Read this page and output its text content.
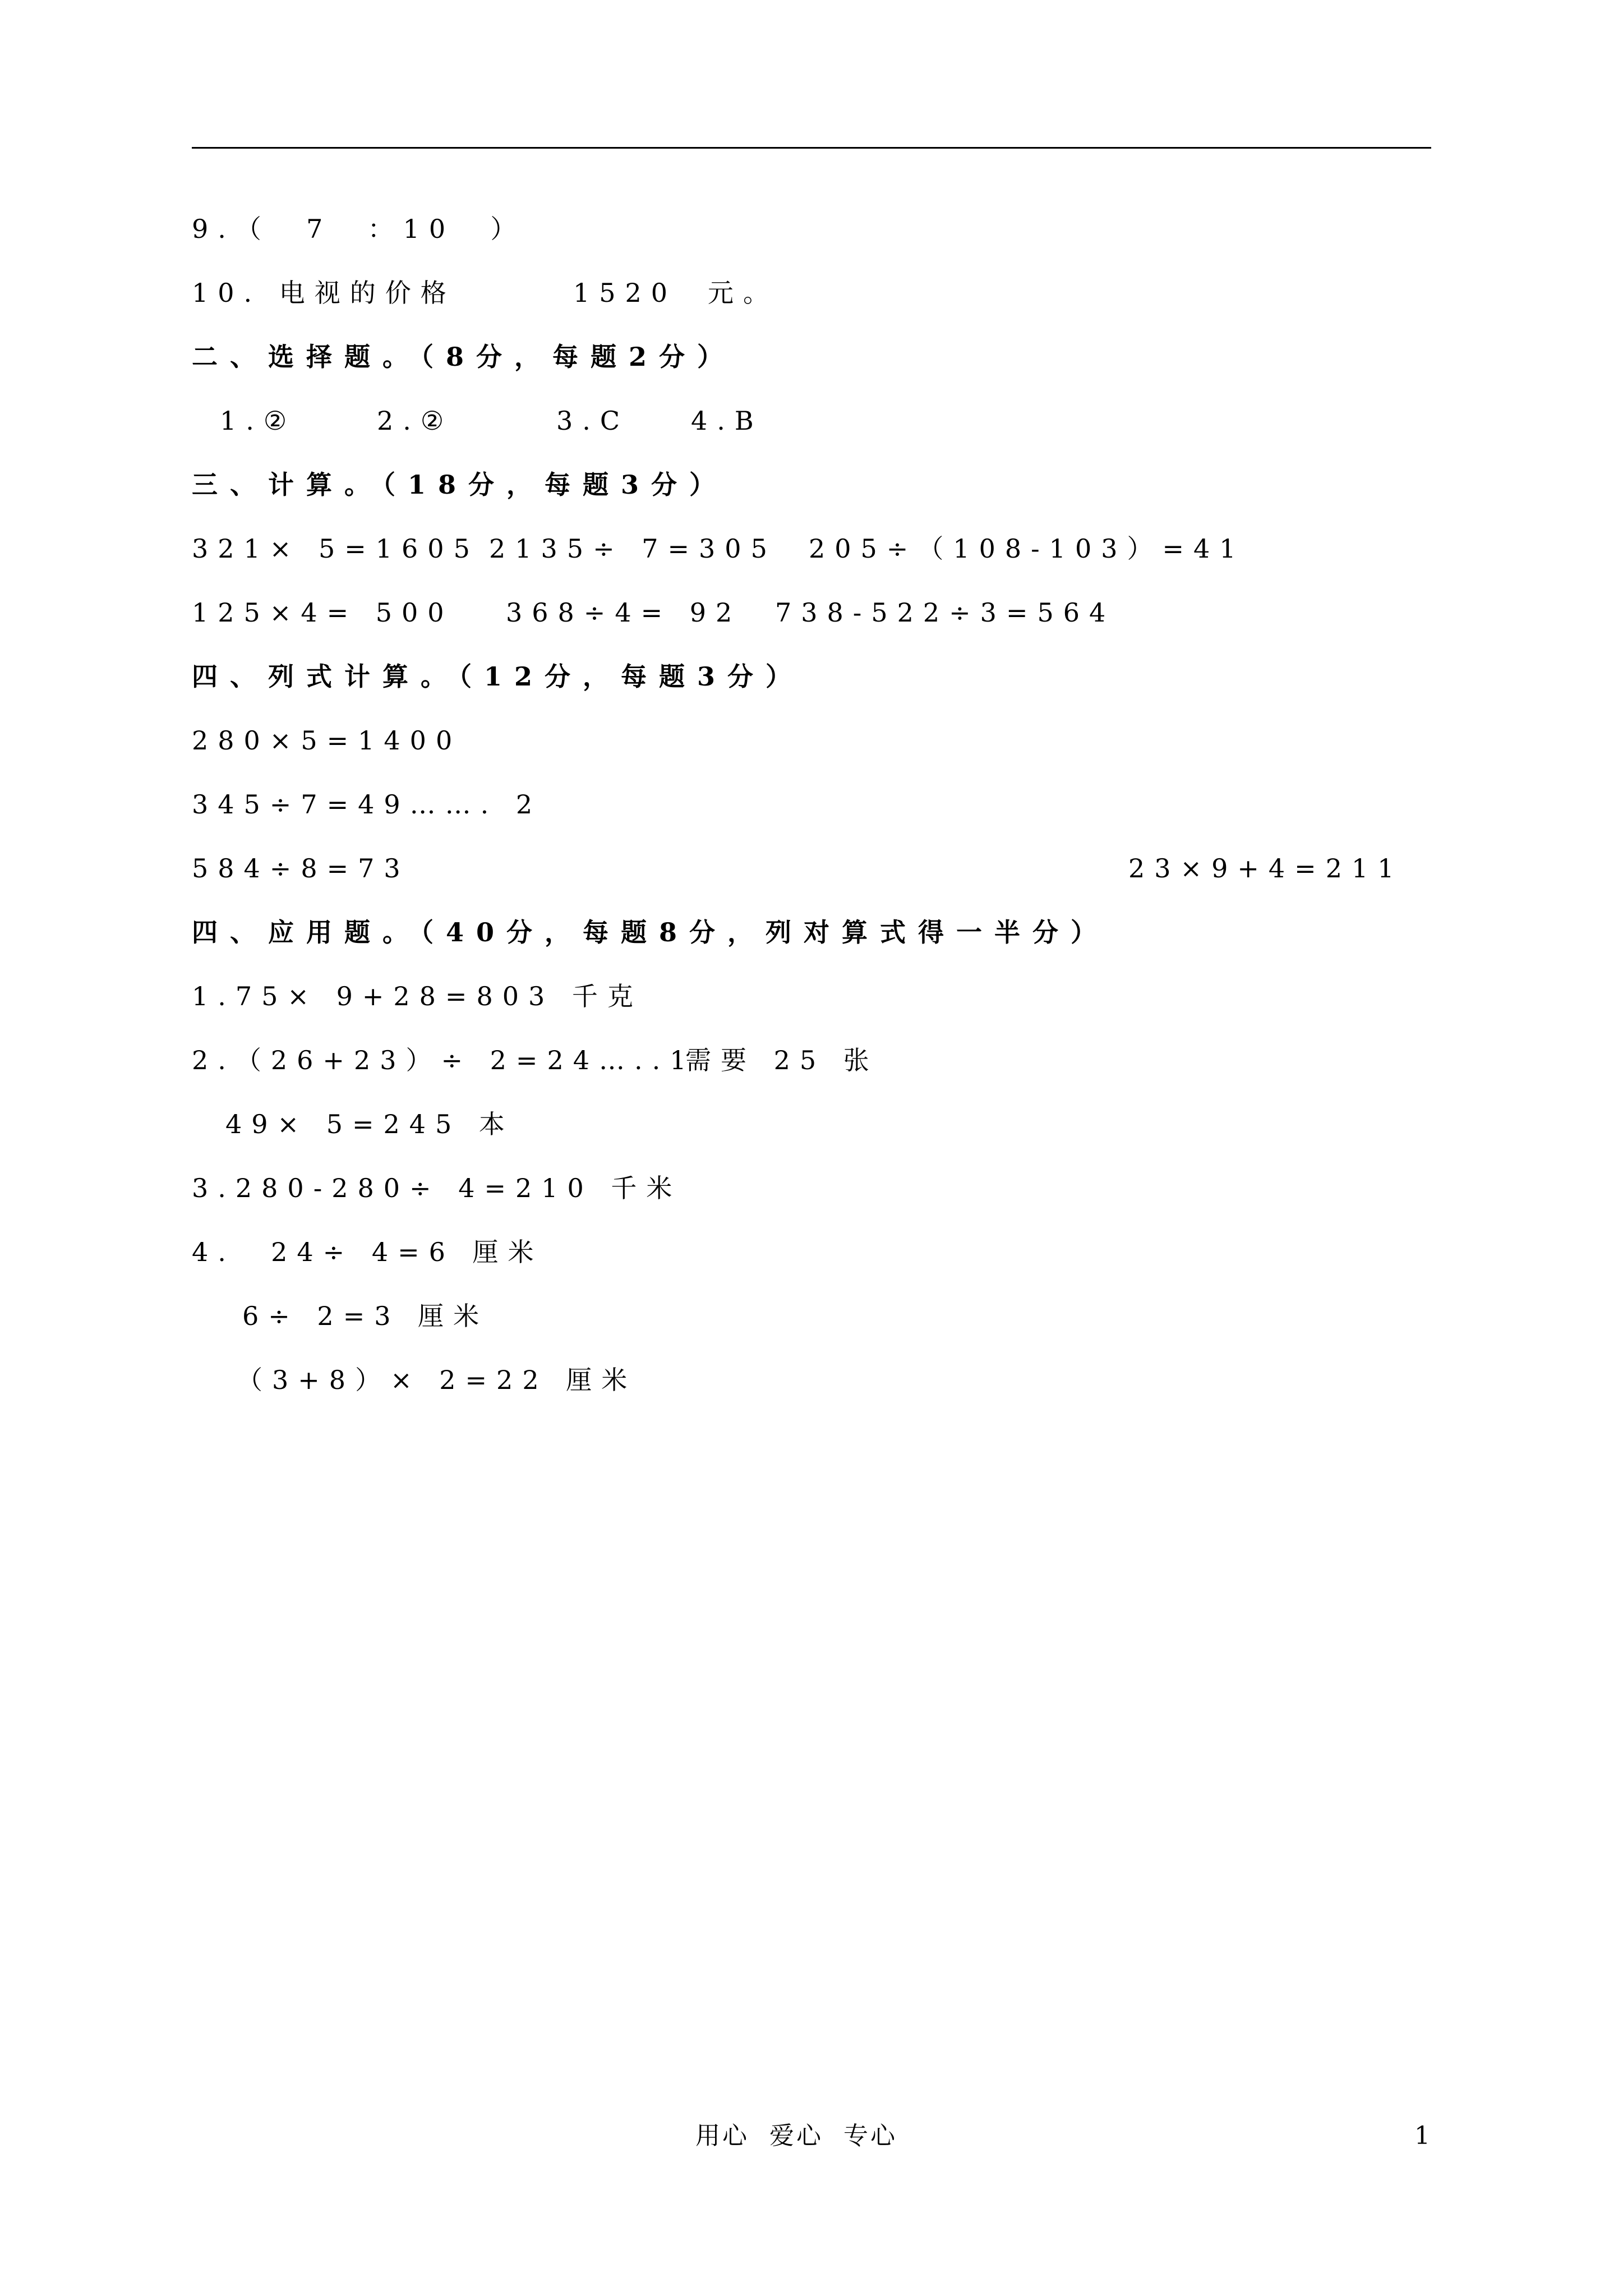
9.（  7  ：10  ）
10. 电视的价格	1520 元。
二、选择题。（8分，每题2分）
1.②	2.②	3.C 4.B
三、计算。（18分，每题3分）
321× 5=1605 2135÷ 7=305 205÷（108-103）=41
125×4= 500 368÷4= 92 738-522÷3=564
四、列式计算。（12分，每题3分）
280×5=1400
345÷7=49……. 2
584÷8=73	23×9+4=211
四、应用题。（40分，每题8分，列对算式得一半分）
1.75× 9+28=803 千克
2.（26+23）÷ 2=24…..1
需要 25 张
49× 5=245 本
3.280-280÷ 4=210 千米
4.  24÷ 4=6 厘米
6÷ 2=3 厘米
（3+8）× 2=22 厘米
用心  爱心  专心	1
